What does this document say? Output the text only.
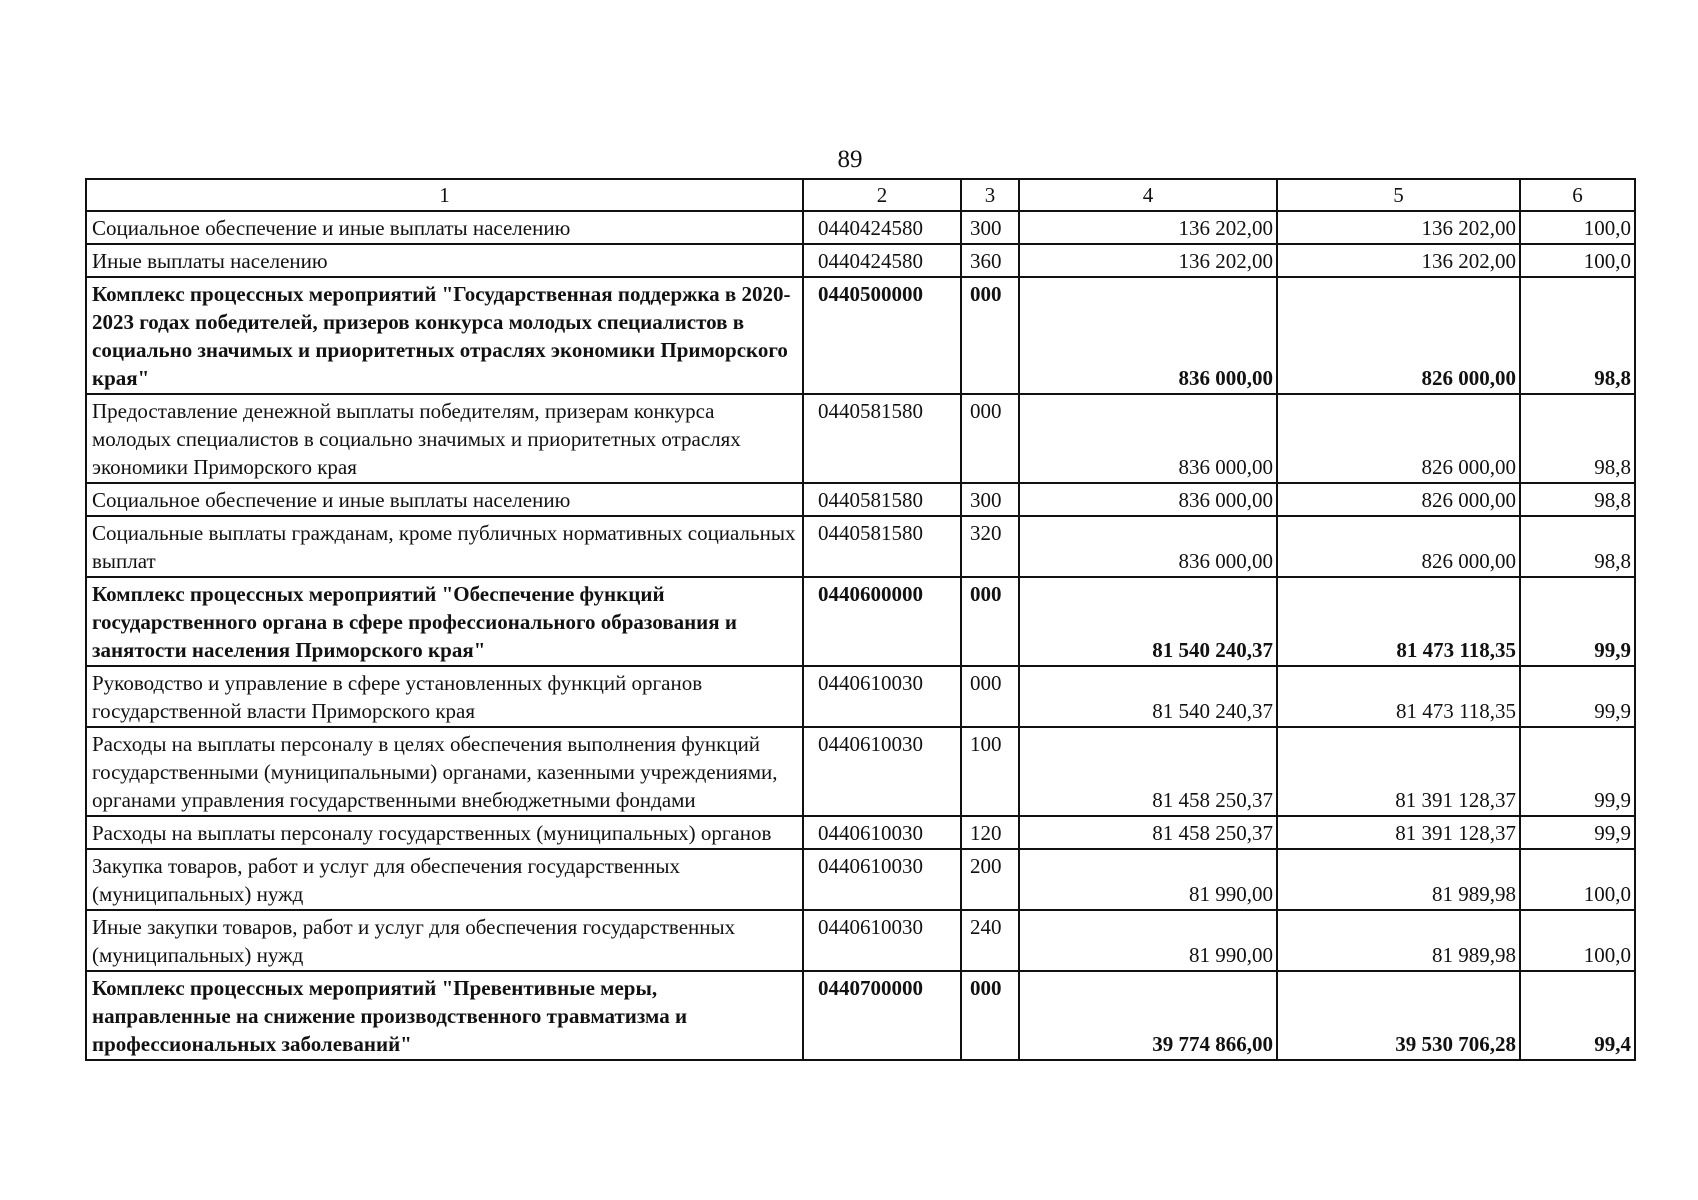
89
1	2	3	4	5	6
Социальное обеспечение и иные выплаты населению	0440424580	300	136 202,00	136 202,00	100,0
Иные выплаты населению	0440424580	360	136 202,00	136 202,00	100,0
Комплекс процессных мероприятий "Государственная поддержка в 2020-2023 годах победителей, призеров конкурса молодых специалистов в социально значимых и приоритетных отраслях экономики Приморского края"	0440500000	000	836 000,00	826 000,00	98,8
Предоставление денежной выплаты победителям, призерам конкурса молодых специалистов в социально значимых и приоритетных отраслях экономики Приморского края	0440581580	000	836 000,00	826 000,00	98,8
Социальное обеспечение и иные выплаты населению	0440581580	300	836 000,00	826 000,00	98,8
Социальные выплаты гражданам, кроме публичных нормативных социальных выплат	0440581580	320	836 000,00	826 000,00	98,8
Комплекс процессных мероприятий "Обеспечение функций государственного органа в сфере профессионального образования и занятости населения Приморского края"	0440600000	000	81 540 240,37	81 473 118,35	99,9
Руководство и управление в сфере установленных функций органов государственной власти Приморского края	0440610030	000	81 540 240,37	81 473 118,35	99,9
Расходы на выплаты персоналу в целях обеспечения выполнения функций государственными (муниципальными) органами, казенными учреждениями, органами управления государственными внебюджетными фондами	0440610030	100	81 458 250,37	81 391 128,37	99,9
Расходы на выплаты персоналу государственных (муниципальных) органов	0440610030	120	81 458 250,37	81 391 128,37	99,9
Закупка товаров, работ и услуг для обеспечения государственных (муниципальных) нужд	0440610030	200	81 990,00	81 989,98	100,0
Иные закупки товаров, работ и услуг для обеспечения государственных (муниципальных) нужд	0440610030	240	81 990,00	81 989,98	100,0
Комплекс процессных мероприятий "Превентивные меры, направленные на снижение производственного травматизма и профессиональных заболеваний"	0440700000	000	39 774 866,00	39 530 706,28	99,4
